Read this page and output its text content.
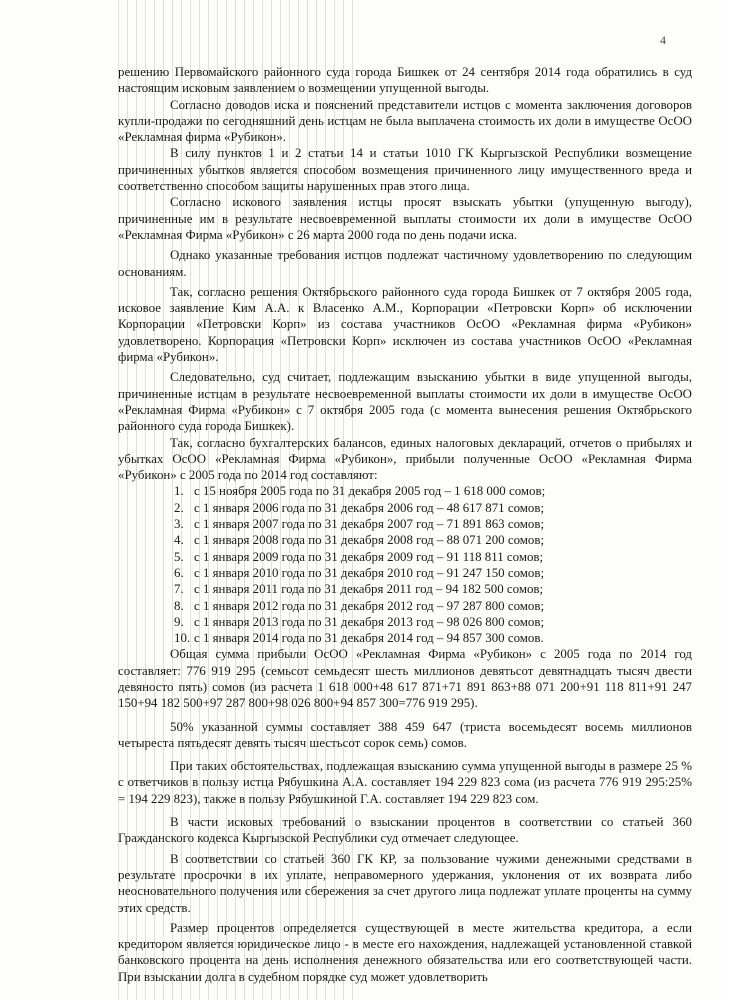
4

решению Первомайского районного суда города Бишкек от 24 сентября 2014 года обратились в суд настоящим исковым заявлением о возмещении упущенной выгоды.

Согласно доводов иска и пояснений представители истцов с момента заключения договоров купли-продажи по сегодняшний день истцам не была выплачена стоимость их доли в имуществе ОсОО «Рекламная фирма «Рубикон».

В силу пунктов 1 и 2 статьи 14 и статьи 1010 ГК Кыргызской Республики возмещение причиненных убытков является способом возмещения причиненного лицу имущественного вреда и соответственно способом защиты нарушенных прав этого лица.

Согласно искового заявления истцы просят взыскать убытки (упущенную выгоду), причиненные им в результате несвоевременной выплаты стоимости их доли в имуществе ОсОО «Рекламная Фирма «Рубикон» с 26 марта 2000 года по день подачи иска.

Однако указанные требования истцов подлежат частичному удовлетворению по следующим основаниям.

Так, согласно решения Октябрьского районного суда города Бишкек от 7 октября 2005 года, исковое заявление Ким А.А. к Власенко А.М., Корпорации «Петровски Корп» об исключении Корпорации «Петровски Корп» из состава участников ОсОО «Рекламная фирма «Рубикон» удовлетворено. Корпорация «Петровски Корп» исключен из состава участников ОсОО «Рекламная фирма «Рубикон».

Следовательно, суд считает, подлежащим взысканию убытки в виде упущенной выгоды, причиненные истцам в результате несвоевременной выплаты стоимости их доли в имуществе ОсОО «Рекламная Фирма «Рубикон» с 7 октября 2005 года (с момента вынесения решения Октябрьского районного суда города Бишкек).

Так, согласно бухгалтерских балансов, единых налоговых деклараций, отчетов о прибылях и убытках ОсОО «Рекламная Фирма «Рубикон», прибыли полученные ОсОО «Рекламная Фирма «Рубикон» с 2005 года по 2014 год составляют:

1. с 15 ноября 2005 года по 31 декабря 2005 год – 1 618 000 сомов;
2. с 1 января 2006 года по 31 декабря 2006 год – 48 617 871 сомов;
3. с 1 января 2007 года по 31 декабря 2007 год – 71 891 863 сомов;
4. с 1 января 2008 года по 31 декабря 2008 год – 88 071 200 сомов;
5. с 1 января 2009 года по 31 декабря 2009 год – 91 118 811 сомов;
6. с 1 января 2010 года по 31 декабря 2010 год – 91 247 150 сомов;
7. с 1 января 2011 года по 31 декабря 2011 год – 94 182 500 сомов;
8. с 1 января 2012 года по 31 декабря 2012 год – 97 287 800 сомов;
9. с 1 января 2013 года по 31 декабря 2013 год – 98 026 800 сомов;
10. с 1 января 2014 года по 31 декабря 2014 год – 94 857 300 сомов.

Общая сумма прибыли ОсОО «Рекламная Фирма «Рубикон» с 2005 года по 2014 год составляет: 776 919 295 (семьсот семьдесят шесть миллионов девятьсот девятнадцать тысяч двести девяносто пять) сомов (из расчета 1 618 000+48 617 871+71 891 863+88 071 200+91 118 811+91 247 150+94 182 500+97 287 800+98 026 800+94 857 300=776 919 295).

50% указанной суммы составляет 388 459 647 (триста восемьдесят восемь миллионов четыреста пятьдесят девять тысяч шестьсот сорок семь) сомов.

При таких обстоятельствах, подлежащая взысканию сумма упущенной выгоды в размере 25 % с ответчиков в пользу истца Рябушкина А.А. составляет 194 229 823 сома (из расчета 776 919 295:25% = 194 229 823), также в пользу Рябушкиной Г.А. составляет 194 229 823 сом.

В части исковых требований о взыскании процентов в соответствии со статьей 360 Гражданского кодекса Кыргызской Республики суд отмечает следующее.

В соответствии со статьей 360 ГК КР, за пользование чужими денежными средствами в результате просрочки в их уплате, неправомерного удержания, уклонения от их возврата либо неосновательного получения или сбережения за счет другого лица подлежат уплате проценты на сумму этих средств.

Размер процентов определяется существующей в месте жительства кредитора, а если кредитором является юридическое лицо - в месте его нахождения, надлежащей установленной ставкой банковского процента на день исполнения денежного обязательства или его соответствующей части. При взыскании долга в судебном порядке суд может удовлетворить
